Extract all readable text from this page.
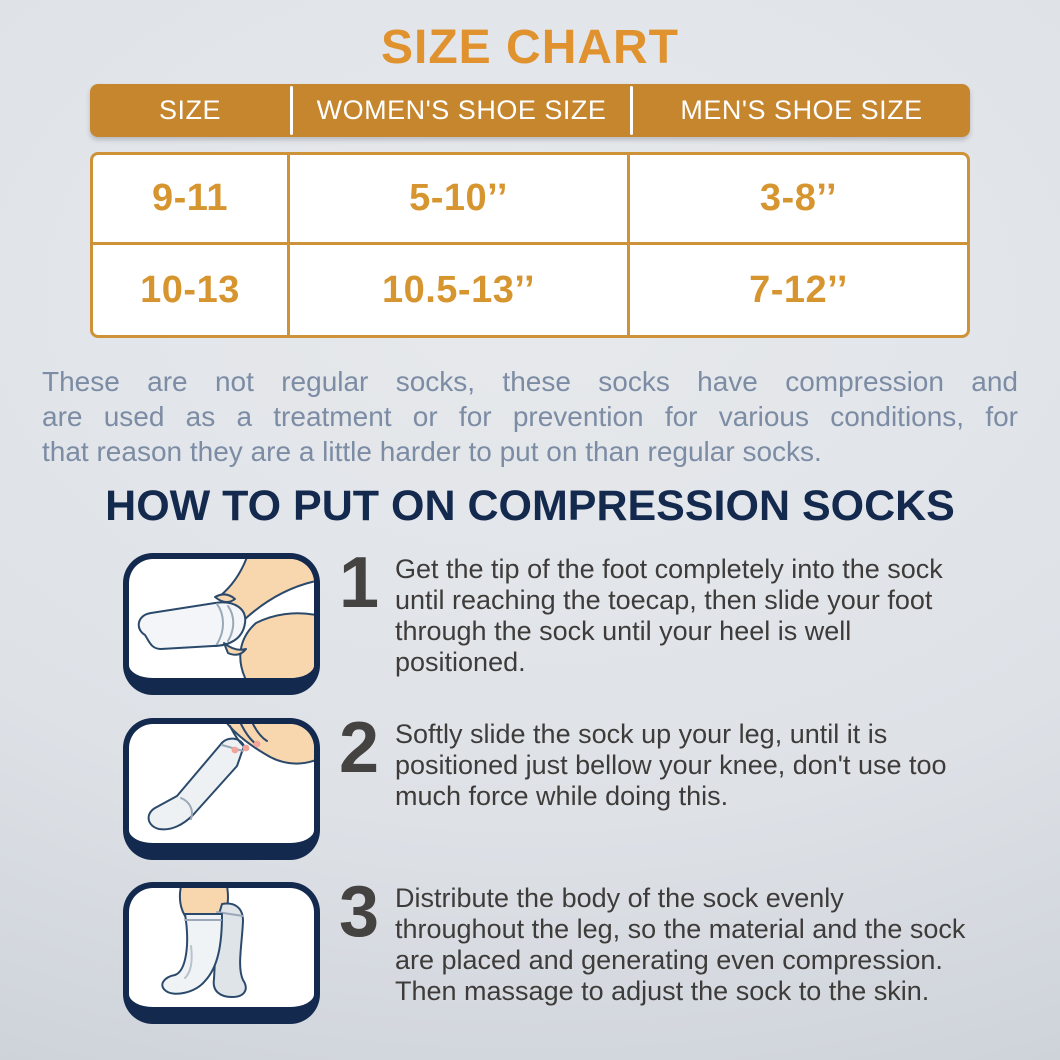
SIZE CHART
SIZE	WOMEN'S SHOE SIZE	MEN'S SHOE SIZE
9-11	5-10’’	3-8’’
10-13	10.5-13’’	7-12’’
These are not regular socks, these socks have compression and
are used as a treatment or for prevention for various conditions, for
that reason they are a little harder to put on than regular socks.
HOW TO PUT ON COMPRESSION SOCKS
1 Get the tip of the foot completely into the sock until reaching the toecap, then slide your foot through the sock until your heel is well positioned.
2 Softly slide the sock up your leg, until it is positioned just bellow your knee, don't use too much force while doing this.
3 Distribute the body of the sock evenly throughout the leg, so the material and the sock are placed and generating even compression. Then massage to adjust the sock to the skin.
